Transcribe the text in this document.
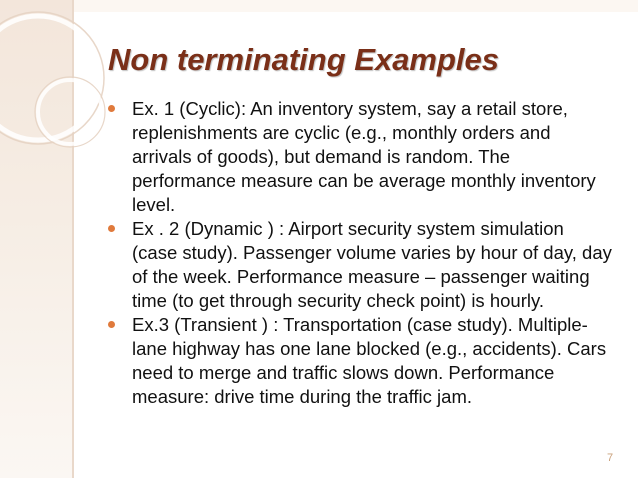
Non terminating Examples
Ex. 1 (Cyclic): An inventory system, say a retail store, replenishments are cyclic (e.g., monthly orders and arrivals of goods), but demand is random. The performance measure can be average monthly inventory level.
Ex . 2 (Dynamic ) : Airport security system simulation (case study). Passenger volume varies by hour of day, day of the week. Performance measure – passenger waiting time (to get through security check point) is hourly.
Ex.3 (Transient ) : Transportation (case study). Multiple-lane highway has one lane blocked (e.g., accidents). Cars need to merge and traffic slows down. Performance measure: drive time during the traffic jam.
7
